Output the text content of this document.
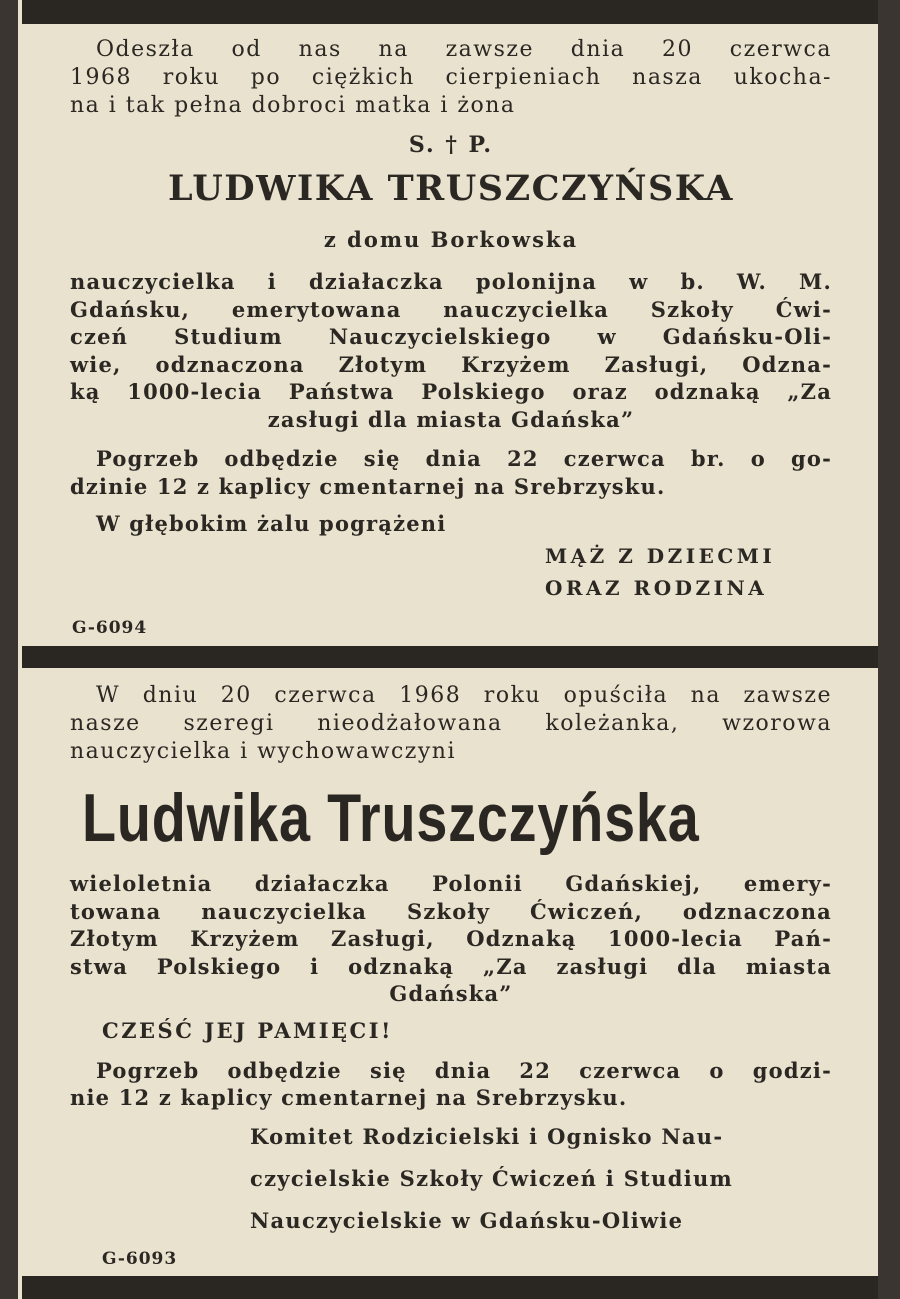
Odeszła od nas na zawsze dnia 20 czerwca

1968 roku po ciężkich cierpieniach nasza ukocha-

na i tak pełna dobroci matka i żona

S. † P.

LUDWIKA TRUSZCZYŃSKA

z domu Borkowska

nauczycielka i działaczka polonijna w b. W. M.

Gdańsku, emerytowana nauczycielka Szkoły Ćwi-

czeń Studium Nauczycielskiego w Gdańsku-Oli-

wie, odznaczona Złotym Krzyżem Zasługi, Odzna-

ką 1000-lecia Państwa Polskiego oraz odznaką „Za

zasługi dla miasta Gdańska”

Pogrzeb odbędzie się dnia 22 czerwca br. o go-

dzinie 12 z kaplicy cmentarnej na Srebrzysku.

W głębokim żalu pogrążeni

MĄŻ Z DZIECMI

ORAZ RODZINA

G-6094

W dniu 20 czerwca 1968 roku opuściła na zawsze

nasze szeregi nieodżałowana koleżanka, wzorowa

nauczycielka i wychowawczyni

Ludwika Truszczyńska

wieloletnia działaczka Polonii Gdańskiej, emery-

towana nauczycielka Szkoły Ćwiczeń, odznaczona

Złotym Krzyżem Zasługi, Odznaką 1000-lecia Pań-

stwa Polskiego i odznaką „Za zasługi dla miasta

Gdańska”

CZEŚĆ JEJ PAMIĘCI!

Pogrzeb odbędzie się dnia 22 czerwca o godzi-

nie 12 z kaplicy cmentarnej na Srebrzysku.

Komitet Rodzicielski i Ognisko Nau-

czycielskie Szkoły Ćwiczeń i Studium

Nauczycielskie w Gdańsku-Oliwie

G-6093
